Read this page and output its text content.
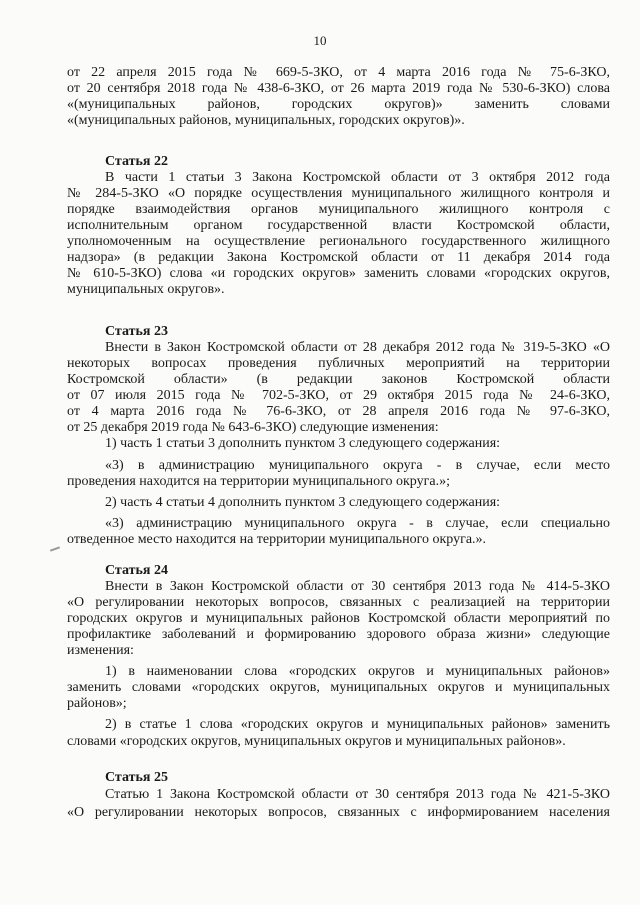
10
от 22 апреля 2015 года № 669-5-ЗКО, от 4 марта 2016 года № 75-6-ЗКО,
от 20 сентября 2018 года № 438-6-ЗКО, от 26 марта 2019 года № 530-6-ЗКО) слова
«(муниципальных районов, городских округов)» заменить словами
«(муниципальных районов, муниципальных, городских округов)».
Статья 22
В части 1 статьи 3 Закона Костромской области от 3 октября 2012 года
№ 284-5-ЗКО «О порядке осуществления муниципального жилищного контроля и
порядке взаимодействия органов муниципального жилищного контроля с
исполнительным органом государственной власти Костромской области,
уполномоченным на осуществление регионального государственного жилищного
надзора» (в редакции Закона Костромской области от 11 декабря 2014 года
№ 610-5-ЗКО) слова «и городских округов» заменить словами «городских округов,
муниципальных округов».
Статья 23
Внести в Закон Костромской области от 28 декабря 2012 года № 319-5-ЗКО «О
некоторых вопросах проведения публичных мероприятий на территории
Костромской области» (в редакции законов Костромской области
от 07 июля 2015 года № 702-5-ЗКО, от 29 октября 2015 года № 24-6-ЗКО,
от 4 марта 2016 года № 76-6-ЗКО, от 28 апреля 2016 года № 97-6-ЗКО,
от 25 декабря 2019 года № 643-6-ЗКО) следующие изменения:
1) часть 1 статьи 3 дополнить пунктом 3 следующего содержания:
«3) в администрацию муниципального округа - в случае, если место
проведения находится на территории муниципального округа.»;
2) часть 4 статьи 4 дополнить пунктом 3 следующего содержания:
«3) администрацию муниципального округа - в случае, если специально
отведенное место находится на территории муниципального округа.».
Статья 24
Внести в Закон Костромской области от 30 сентября 2013 года № 414-5-ЗКО
«О регулировании некоторых вопросов, связанных с реализацией на территории
городских округов и муниципальных районов Костромской области мероприятий по
профилактике заболеваний и формированию здорового образа жизни» следующие
изменения:
1) в наименовании слова «городских округов и муниципальных районов»
заменить словами «городских округов, муниципальных округов и муниципальных
районов»;
2) в статье 1 слова «городских округов и муниципальных районов» заменить
словами «городских округов, муниципальных округов и муниципальных районов».
Статья 25
Статью 1 Закона Костромской области от 30 сентября 2013 года № 421-5-ЗКО
«О регулировании некоторых вопросов, связанных с информированием населения
